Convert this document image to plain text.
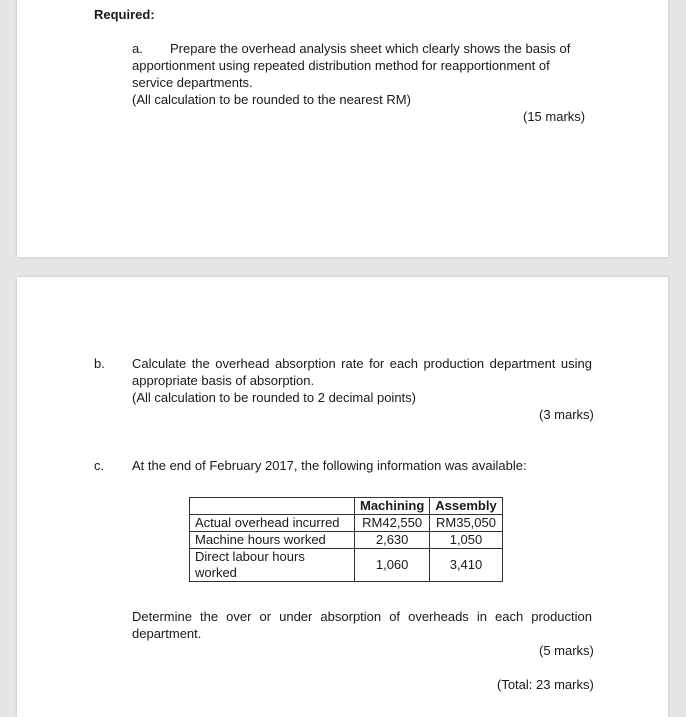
Required:
a. Prepare the overhead analysis sheet which clearly shows the basis of
apportionment using repeated distribution method for reapportionment of
service departments.
(All calculation to be rounded to the nearest RM)
(15 marks)
b. Calculate the overhead absorption rate for each production department using
appropriate basis of absorption.
(All calculation to be rounded to 2 decimal points)
(3 marks)
c. At the end of February 2017, the following information was available:
	Machining	Assembly
Actual overhead incurred	RM42,550	RM35,050
Machine hours worked	2,630	1,050
Direct labour hours worked	1,060	3,410
Determine the over or under absorption of overheads in each production
department.
(5 marks)
(Total: 23 marks)
